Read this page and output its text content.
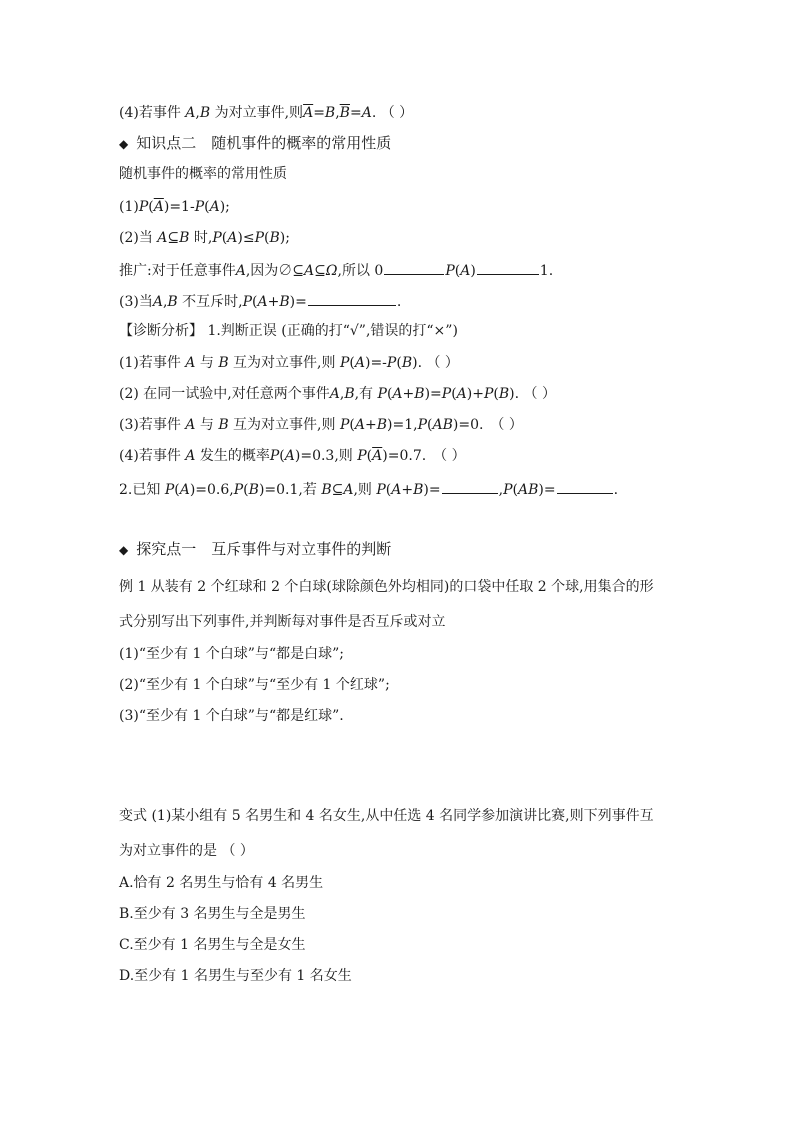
(4)若事件 A,B 为对立事件,则$\overline{A}=B,\overline{B}=A$. （ ）
◆ 知识点二　随机事件的概率的常用性质
随机事件的概率的常用性质
$(1)P(\overline{A})=1-P(A)$;
(2)当 A⊆B 时,P(A)≤P(B);
推广:对于任意事件A,因为∅⊆A⊆Ω,所以 0	P(A)	1.
(3)当A,B 不互斥时,P(A+B)=	.
【诊断分析】 1.判断正误 (正确的打“√”,错误的打“×”)
(1)若事件 A 与 B 互为对立事件,则 P(A)=-P(B). （ ）
(2) 在同一试验中,对任意两个事件A,B,有 P(A+B)=P(A)+P(B). （ ）
(3)若事件 A 与 B 互为对立事件,则 P(A+B)=1,P(AB)=0.　（ ）
(4)若事件 A 发生的概率P(A)=0.3,则 $P(\overline{A})=0.7$.　（ ）
2.已知 P(A)=0.6,P(B)=0.1,若 B⊆A,则 P(A+B)=	,P(AB)=	.
◆ 探究点一　互斥事件与对立事件的判断
例 1 从装有 2 个红球和 2 个白球(球除颜色外均相同)的口袋中任取 2 个球,用集合的形
式分别写出下列事件,并判断每对事件是否互斥或对立
(1)“至少有 1 个白球”与“都是白球”;
(2)“至少有 1 个白球”与“至少有 1 个红球”;
(3)“至少有 1 个白球”与“都是红球”.
变式 (1)某小组有 5 名男生和 4 名女生,从中任选 4 名同学参加演讲比赛,则下列事件互
为对立事件的是 （ ）
A.恰有 2 名男生与恰有 4 名男生
B.至少有 3 名男生与全是男生
C.至少有 1 名男生与全是女生
D.至少有 1 名男生与至少有 1 名女生
